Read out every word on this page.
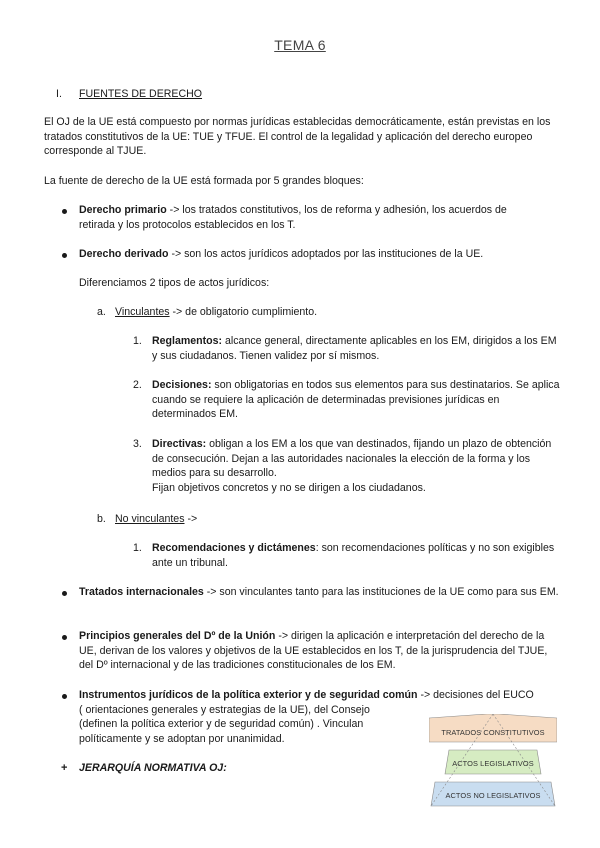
TEMA 6
I. FUENTES DE DERECHO
El OJ de la UE está compuesto por normas jurídicas establecidas democráticamente, están previstas en los tratados constitutivos de la UE: TUE y TFUE. El control de la legalidad y aplicación del derecho europeo corresponde al TJUE.
La fuente de derecho de la UE está formada por 5 grandes bloques:
Derecho primario -> los tratados constitutivos, los de reforma y adhesión, los acuerdos de retirada y los protocolos establecidos en los T.
Derecho derivado -> son los actos jurídicos adoptados por las instituciones de la UE.
Diferenciamos 2 tipos de actos jurídicos:
a. Vinculantes -> de obligatorio cumplimiento.
1. Reglamentos: alcance general, directamente aplicables en los EM, dirigidos a los EM y sus ciudadanos. Tienen validez por sí mismos.
2. Decisiones: son obligatorias en todos sus elementos para sus destinatarios. Se aplica cuando se requiere la aplicación de determinadas previsiones jurídicas en determinados EM.
3. Directivas: obligan a los EM a los que van destinados, fijando un plazo de obtención de consecución. Dejan a las autoridades nacionales la elección de la forma y los medios para su desarrollo.
Fijan objetivos concretos y no se dirigen a los ciudadanos.
b. No vinculantes ->
1. Recomendaciones y dictámenes: son recomendaciones políticas y no son exigibles ante un tribunal.
Tratados internacionales -> son vinculantes tanto para las instituciones de la UE como para sus EM.
Principios generales del Dº de la Unión -> dirigen la aplicación e interpretación del derecho de la UE, derivan de los valores y objetivos de la UE establecidos en los T, de la jurisprudencia del TJUE, del Dº internacional y de las tradiciones constitucionales de los EM.
Instrumentos jurídicos de la política exterior y de seguridad común -> decisiones del EUCO
( orientaciones generales y estrategias de la UE), del Consejo
(definen la política exterior y de seguridad común) . Vinculan
políticamente y se adoptan por unanimidad.
+ JERARQUÍA NORMATIVA OJ:
TRATADOS CONSTITUTIVOS
ACTOS LEGISLATIVOS
ACTOS NO LEGISLATIVOS
